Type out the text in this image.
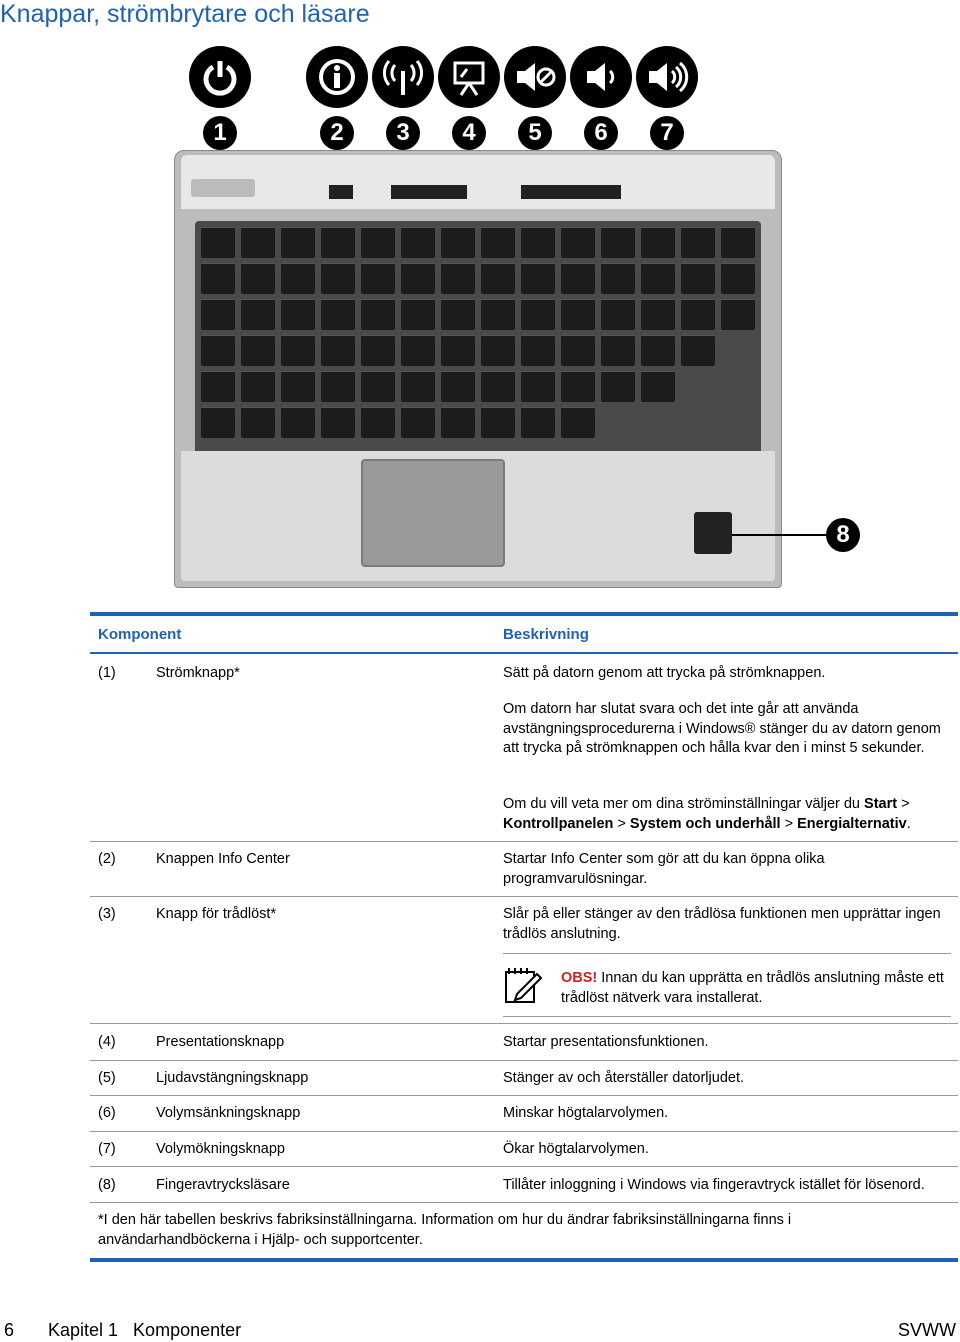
Knappar, strömbrytare och läsare
1	2	3	4	5	6	7
8
Komponent	Beskrivning
(1)	Strömknapp*	Sätt på datorn genom att trycka på strömknappen.
Om datorn har slutat svara och det inte går att använda avstängningsprocedurerna i Windows® stänger du av datorn genom att trycka på strömknappen och hålla kvar den i minst 5 sekunder.
Om du vill veta mer om dina ströminställningar väljer du Start > Kontrollpanelen > System och underhåll > Energialternativ.
(2)	Knappen Info Center	Startar Info Center som gör att du kan öppna olika programvarulösningar.
(3)	Knapp för trådlöst*	Slår på eller stänger av den trådlösa funktionen men upprättar ingen trådlös anslutning.
OBS! Innan du kan upprätta en trådlös anslutning måste ett trådlöst nätverk vara installerat.
(4)	Presentationsknapp	Startar presentationsfunktionen.
(5)	Ljudavstängningsknapp	Stänger av och återställer datorljudet.
(6)	Volymsänkningsknapp	Minskar högtalarvolymen.
(7)	Volymökningsknapp	Ökar högtalarvolymen.
(8)	Fingeravtrycksläsare	Tillåter inloggning i Windows via fingeravtryck istället för lösenord.
*I den här tabellen beskrivs fabriksinställningarna. Information om hur du ändrar fabriksinställningarna finns i användarhandböckerna i Hjälp- och supportcenter.
6 Kapitel 1   Komponenter	SVWW
